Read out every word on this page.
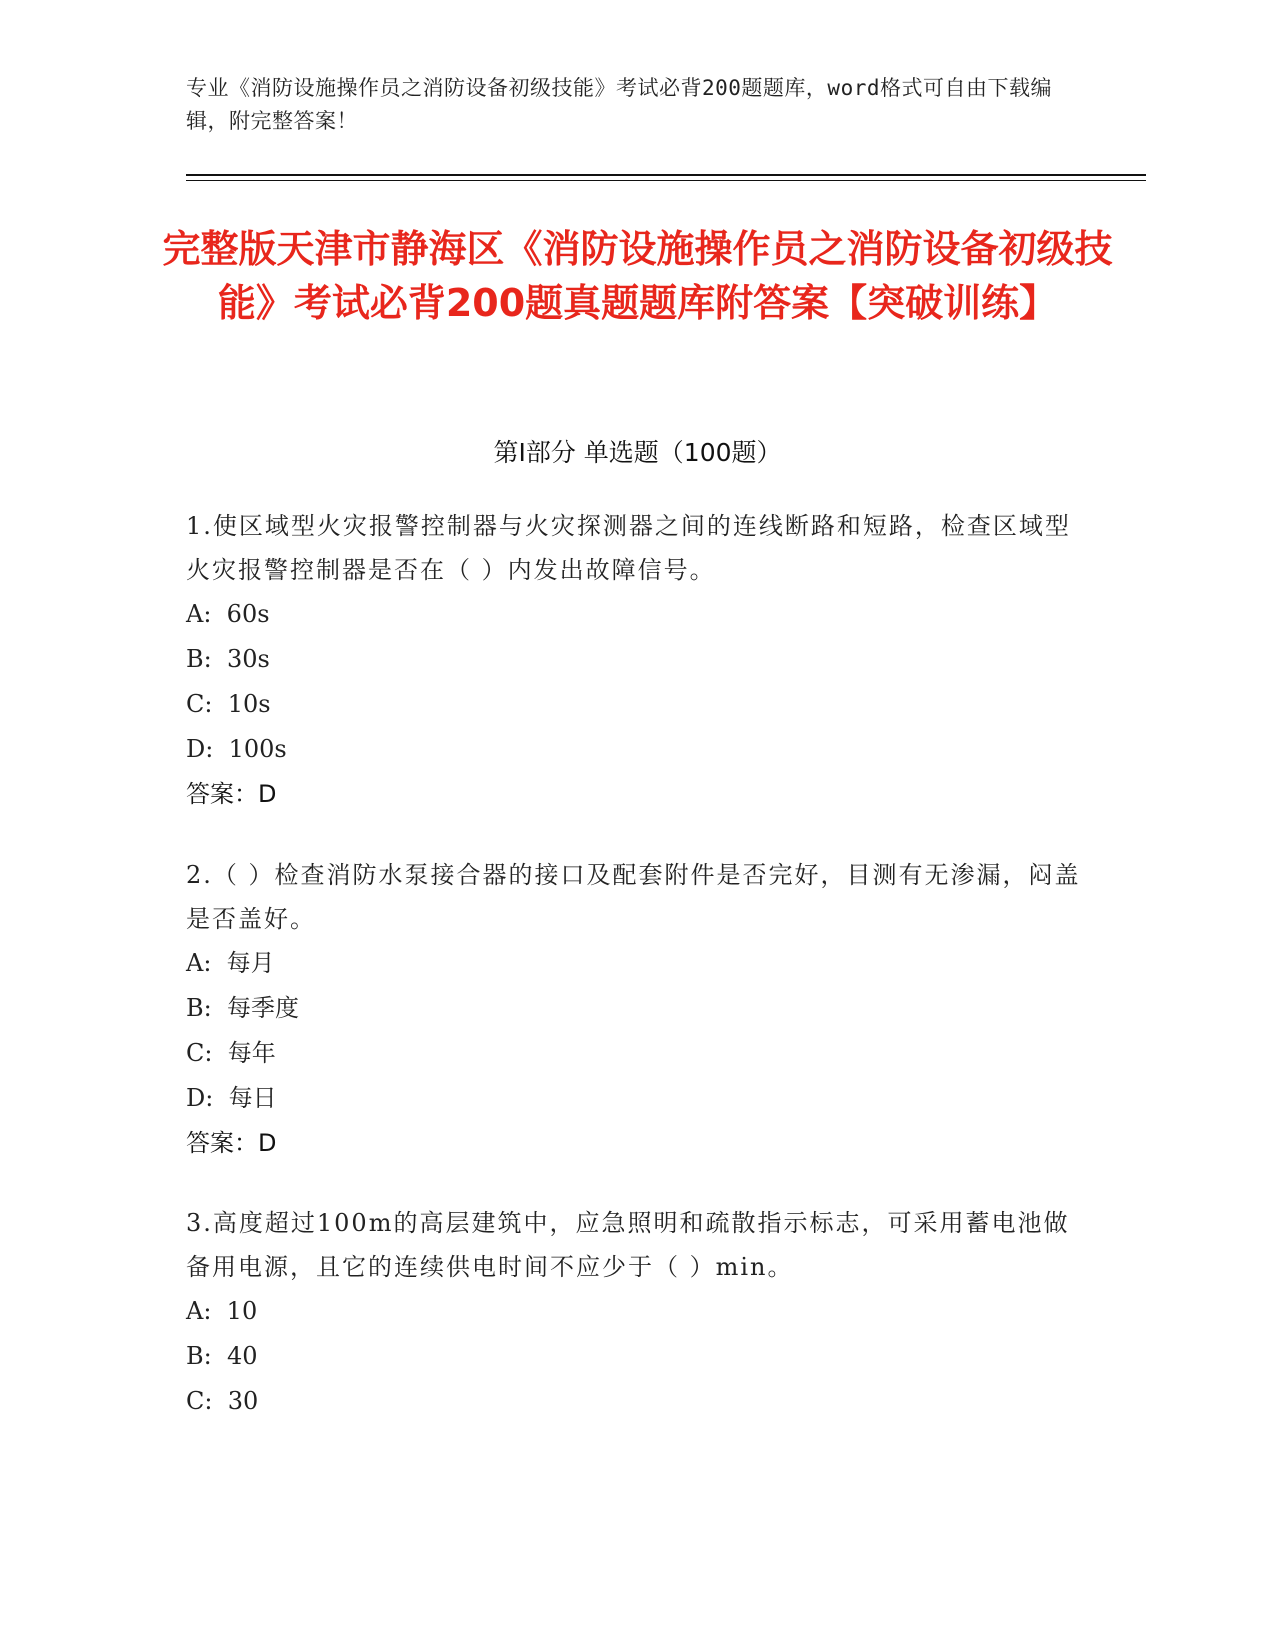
专业《消防设施操作员之消防设备初级技能》考试必背200题题库，word格式可自由下载编辑，附完整答案！
完整版天津市静海区《消防设施操作员之消防设备初级技能》考试必背200题真题题库附答案【突破训练】
第I部分 单选题（100题）

1.使区域型火灾报警控制器与火灾探测器之间的连线断路和短路，检查区域型火灾报警控制器是否在（ ）内发出故障信号。

A:  60s

B:  30s

C:  10s

D:  100s

答案：D

2.（ ）检查消防水泵接合器的接口及配套附件是否完好，目测有无渗漏，闷盖是否盖好。

A:  每月

B:  每季度

C:  每年

D:  每日

答案：D

3.高度超过100m的高层建筑中，应急照明和疏散指示标志，可采用蓄电池做备用电源，且它的连续供电时间不应少于（ ）min。

A:  10

B:  40

C:  30
